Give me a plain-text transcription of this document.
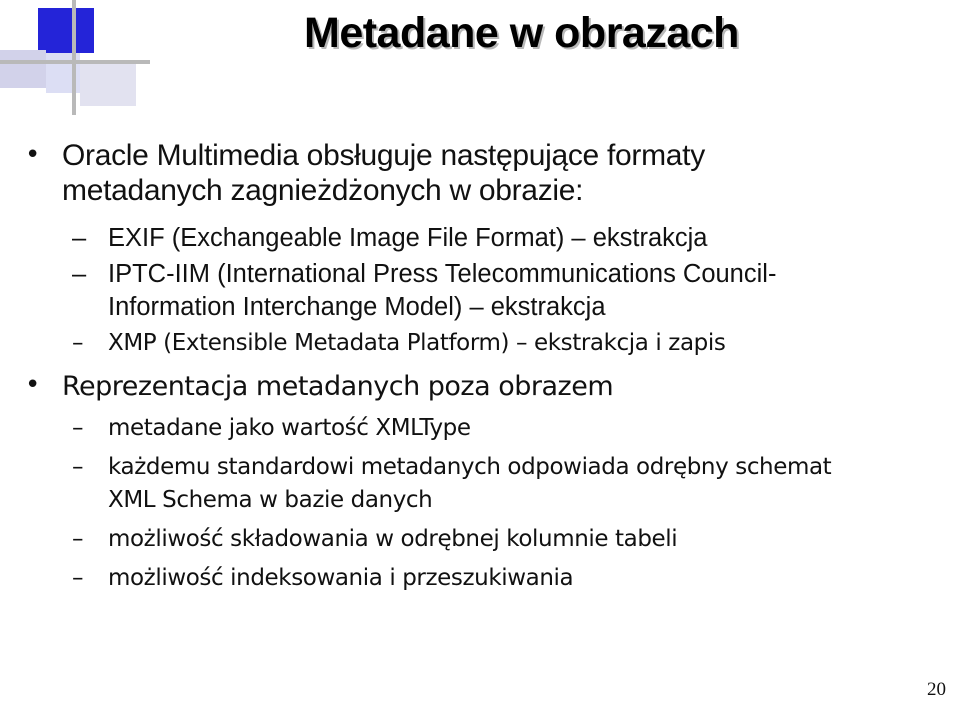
Metadane w obrazach
• Oracle Multimedia obsługuje następujące formaty
metadanych zagnieżdżonych w obrazie:
– EXIF (Exchangeable Image File Format) – ekstrakcja
– IPTC-IIM (International Press Telecommunications Council-
Information Interchange Model) – ekstrakcja
– XMP (Extensible Metadata Platform) – ekstrakcja i zapis
• Reprezentacja metadanych poza obrazem
– metadane jako wartość XMLType
– każdemu standardowi metadanych odpowiada odrębny schemat
XML Schema w bazie danych
– możliwość składowania w odrębnej kolumnie tabeli
– możliwość indeksowania i przeszukiwania
20
